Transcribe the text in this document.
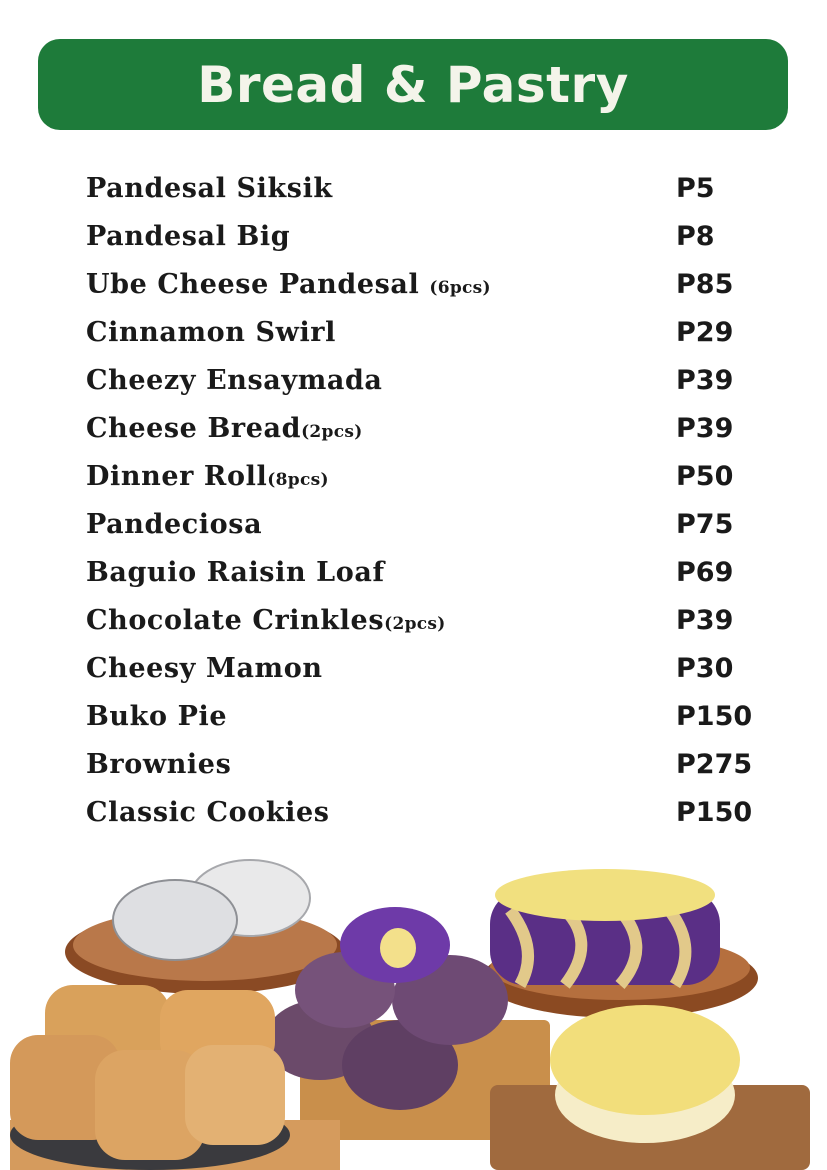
Bread & Pastry
Pandesal Siksik	P5
Pandesal Big	P8
Ube Cheese Pandesal (6pcs)	P85
Cinnamon Swirl	P29
Cheezy Ensaymada	P39
Cheese Bread(2pcs)	P39
Dinner Roll(8pcs)	P50
Pandeciosa	P75
Baguio Raisin Loaf	P69
Chocolate Crinkles(2pcs)	P39
Cheesy Mamon	P30
Buko Pie	P150
Brownies	P275
Classic Cookies	P150
